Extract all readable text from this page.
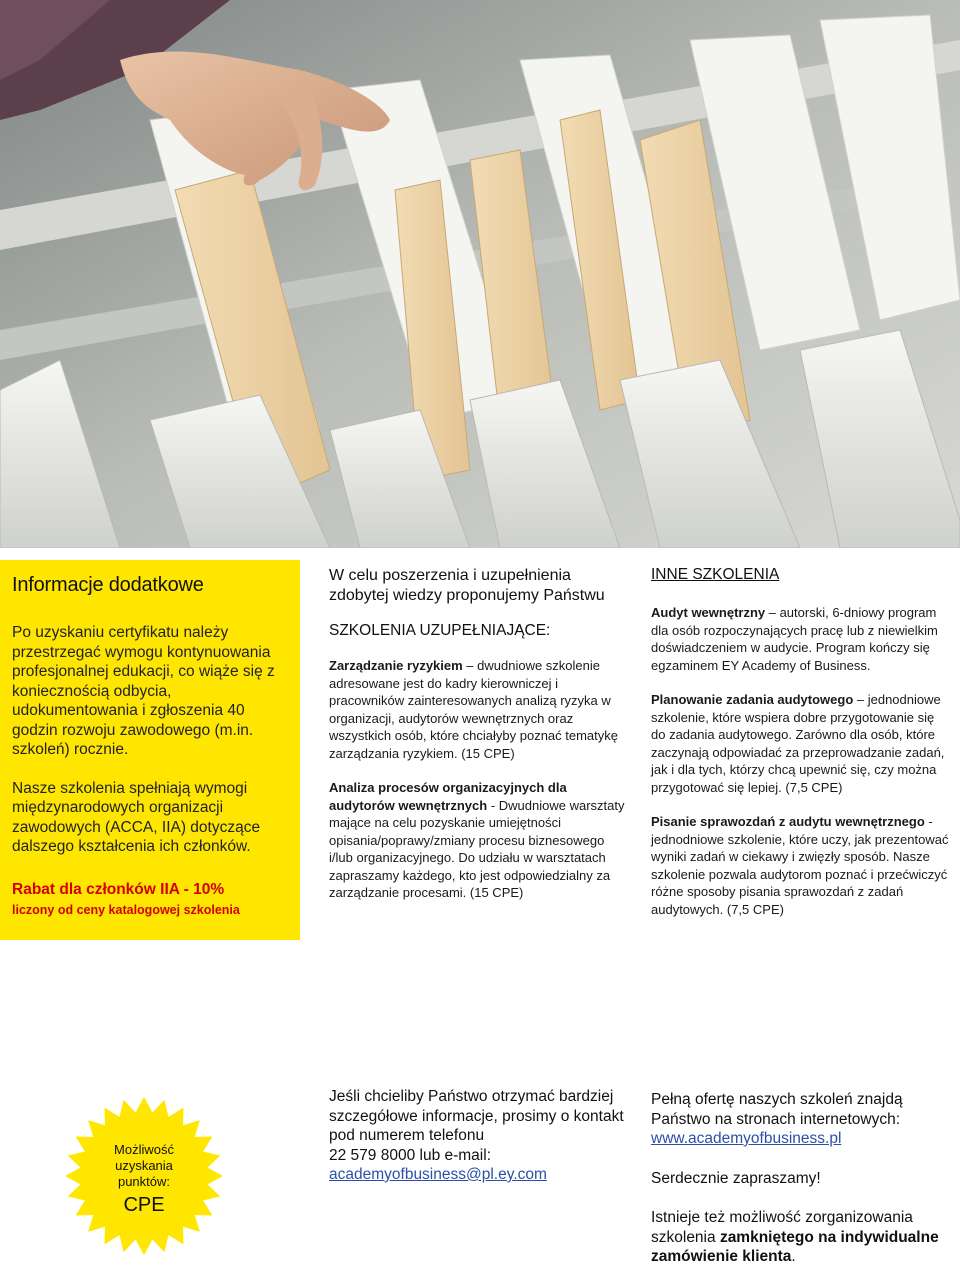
Informacje dodatkowe

Po uzyskaniu certyfikatu należy przestrzegać wymogu kontynuowania profesjonalnej edukacji, co wiąże się z koniecznością odbycia, udokumentowania i zgłoszenia 40 godzin rozwoju zawodowego (m.in. szkoleń) rocznie.

Nasze szkolenia spełniają wymogi międzynarodowych organizacji zawodowych (ACCA, IIA) dotyczące dalszego kształcenia ich członków.

Rabat dla członków IIA - 10%
liczony od ceny katalogowej szkolenia

W celu poszerzenia i uzupełnienia zdobytej wiedzy proponujemy Państwu

SZKOLENIA UZUPEŁNIAJĄCE:

Zarządzanie ryzykiem – dwudniowe szkolenie adresowane jest do kadry kierowniczej i pracowników zainteresowanych analizą ryzyka w organizacji, audytorów wewnętrznych oraz wszystkich osób, które chciałyby poznać tematykę zarządzania ryzykiem. (15 CPE)

Analiza procesów organizacyjnych dla audytorów wewnętrznych - Dwudniowe warsztaty mające na celu pozyskanie umiejętności opisania/poprawy/zmiany procesu biznesowego i/lub organizacyjnego. Do udziału w warsztatach zapraszamy każdego, kto jest odpowiedzialny za zarządzanie procesami. (15 CPE)

INNE SZKOLENIA

Audyt wewnętrzny – autorski, 6-dniowy program dla osób rozpoczynających pracę lub z niewielkim doświadczeniem w audycie. Program kończy się egzaminem EY Academy of Business.

Planowanie zadania audytowego – jednodniowe szkolenie, które wspiera dobre przygotowanie się do zadania audytowego. Zarówno dla osób, które zaczynają odpowiadać za przeprowadzanie zadań, jak i dla tych, którzy chcą upewnić się, czy można przygotować się lepiej. (7,5 CPE)

Pisanie sprawozdań z audytu wewnętrznego - jednodniowe szkolenie, które uczy, jak prezentować wyniki zadań w ciekawy i zwięzły sposób. Nasze szkolenie pozwala audytorom poznać i przećwiczyć różne sposoby pisania sprawozdań z zadań audytowych. (7,5 CPE)

Możliwość
uzyskania
punktów:
CPE
Jeśli chcieliby Państwo otrzymać bardziej szczegółowe informacje, prosimy o kontakt pod numerem telefonu
22 579 8000 lub e-mail:
academyofbusiness@pl.ey.com

Pełną ofertę naszych szkoleń znajdą Państwo na stronach internetowych:
www.academyofbusiness.pl

Serdecznie zapraszamy!

Istnieje też możliwość zorganizowania szkolenia zamkniętego na indywidualne zamówienie klienta.
